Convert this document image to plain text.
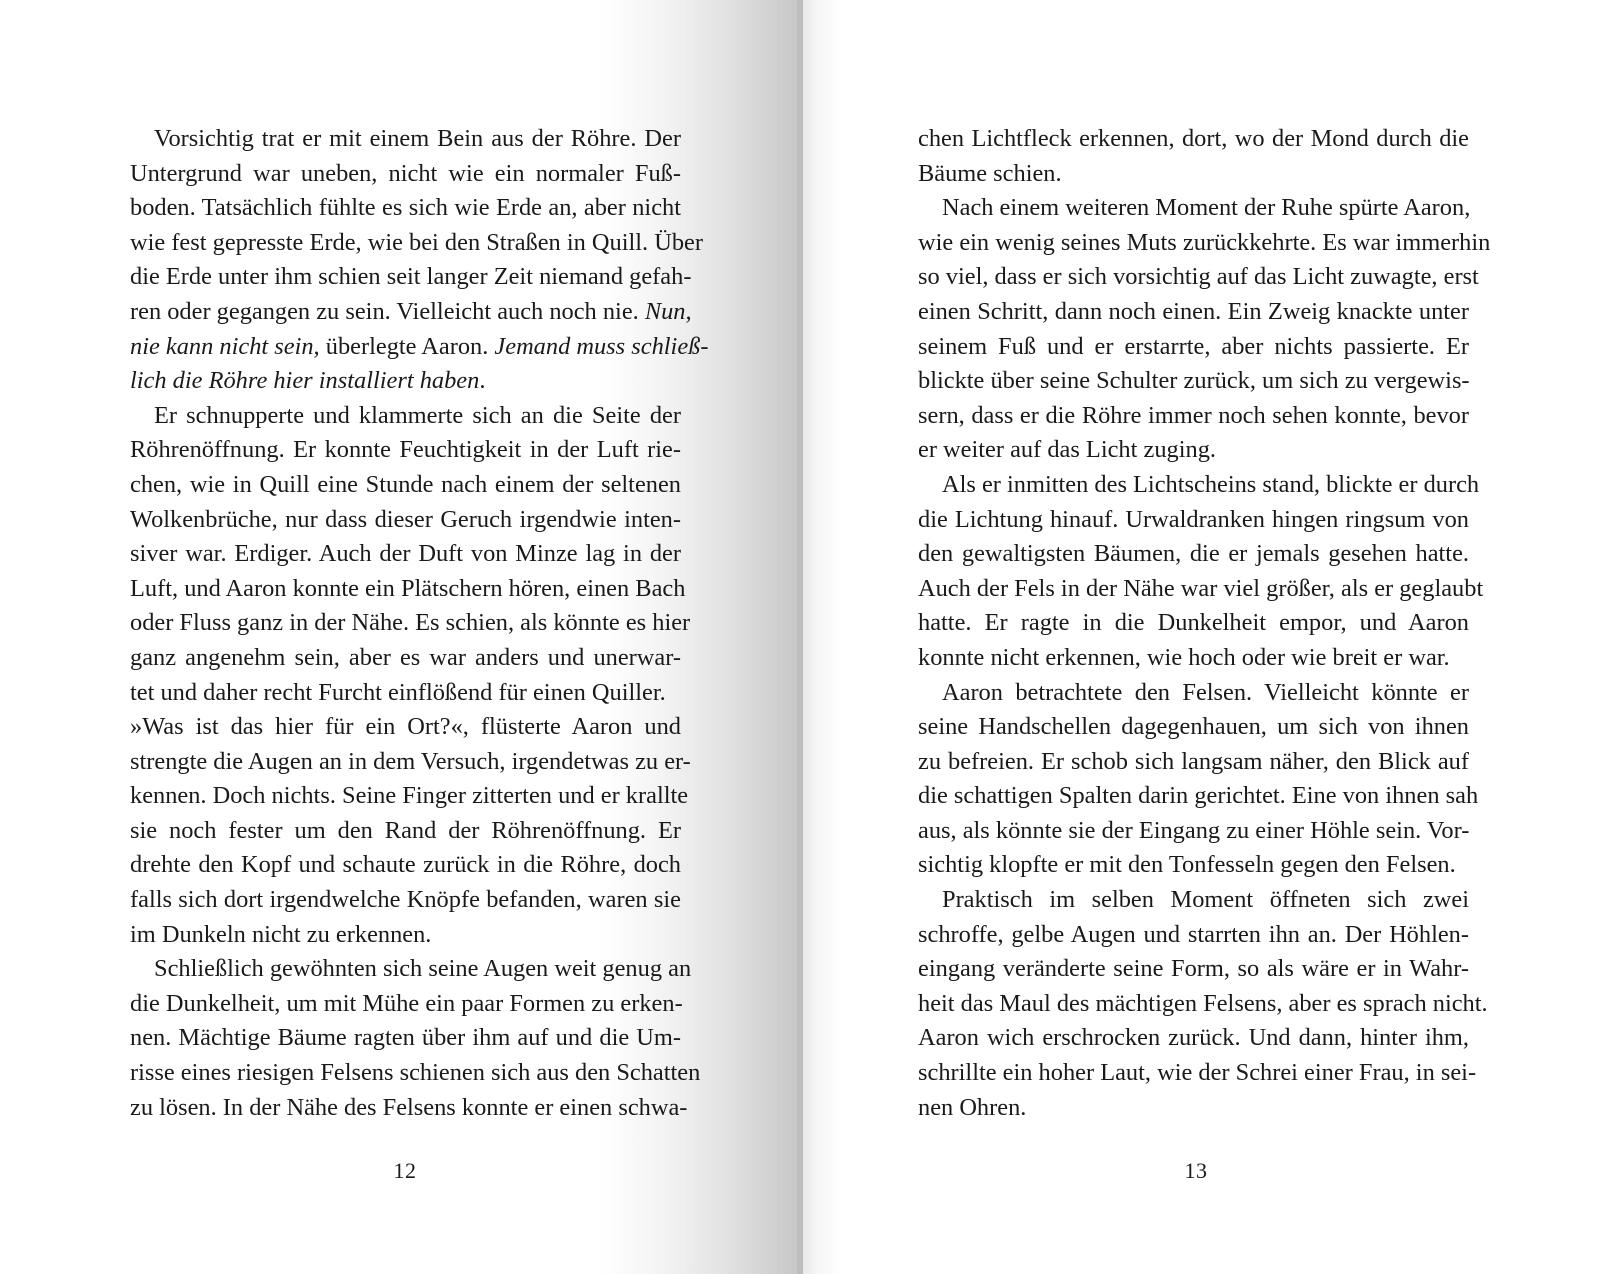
Vorsichtig trat er mit einem Bein aus der Röhre. Der
Untergrund war uneben, nicht wie ein normaler Fuß-
boden. Tatsächlich fühlte es sich wie Erde an, aber nicht
wie fest gepresste Erde, wie bei den Straßen in Quill. Über
die Erde unter ihm schien seit langer Zeit niemand gefah-
ren oder gegangen zu sein. Vielleicht auch noch nie. Nun,
nie kann nicht sein, überlegte Aaron. Jemand muss schließ-
lich die Röhre hier installiert haben.
Er schnupperte und klammerte sich an die Seite der
Röhrenöffnung. Er konnte Feuchtigkeit in der Luft rie-
chen, wie in Quill eine Stunde nach einem der seltenen
Wolkenbrüche, nur dass dieser Geruch irgendwie inten-
siver war. Erdiger. Auch der Duft von Minze lag in der
Luft, und Aaron konnte ein Plätschern hören, einen Bach
oder Fluss ganz in der Nähe. Es schien, als könnte es hier
ganz angenehm sein, aber es war anders und unerwar-
tet und daher recht Furcht einflößend für einen Quiller.
»Was ist das hier für ein Ort?«, flüsterte Aaron und
strengte die Augen an in dem Versuch, irgendetwas zu er-
kennen. Doch nichts. Seine Finger zitterten und er krallte
sie noch fester um den Rand der Röhrenöffnung. Er
drehte den Kopf und schaute zurück in die Röhre, doch
falls sich dort irgendwelche Knöpfe befanden, waren sie
im Dunkeln nicht zu erkennen.
Schließlich gewöhnten sich seine Augen weit genug an
die Dunkelheit, um mit Mühe ein paar Formen zu erken-
nen. Mächtige Bäume ragten über ihm auf und die Um-
risse eines riesigen Felsens schienen sich aus den Schatten
zu lösen. In der Nähe des Felsens konnte er einen schwa-
12
chen Lichtfleck erkennen, dort, wo der Mond durch die
Bäume schien.
Nach einem weiteren Moment der Ruhe spürte Aaron,
wie ein wenig seines Muts zurückkehrte. Es war immerhin
so viel, dass er sich vorsichtig auf das Licht zuwagte, erst
einen Schritt, dann noch einen. Ein Zweig knackte unter
seinem Fuß und er erstarrte, aber nichts passierte. Er
blickte über seine Schulter zurück, um sich zu vergewis-
sern, dass er die Röhre immer noch sehen konnte, bevor
er weiter auf das Licht zuging.
Als er inmitten des Lichtscheins stand, blickte er durch
die Lichtung hinauf. Urwaldranken hingen ringsum von
den gewaltigsten Bäumen, die er jemals gesehen hatte.
Auch der Fels in der Nähe war viel größer, als er geglaubt
hatte. Er ragte in die Dunkelheit empor, und Aaron
konnte nicht erkennen, wie hoch oder wie breit er war.
Aaron betrachtete den Felsen. Vielleicht könnte er
seine Handschellen dagegenhauen, um sich von ihnen
zu befreien. Er schob sich langsam näher, den Blick auf
die schattigen Spalten darin gerichtet. Eine von ihnen sah
aus, als könnte sie der Eingang zu einer Höhle sein. Vor-
sichtig klopfte er mit den Tonfesseln gegen den Felsen.
Praktisch im selben Moment öffneten sich zwei
schroffe, gelbe Augen und starrten ihn an. Der Höhlen-
eingang veränderte seine Form, so als wäre er in Wahr-
heit das Maul des mächtigen Felsens, aber es sprach nicht.
Aaron wich erschrocken zurück. Und dann, hinter ihm,
schrillte ein hoher Laut, wie der Schrei einer Frau, in sei-
nen Ohren.
13
